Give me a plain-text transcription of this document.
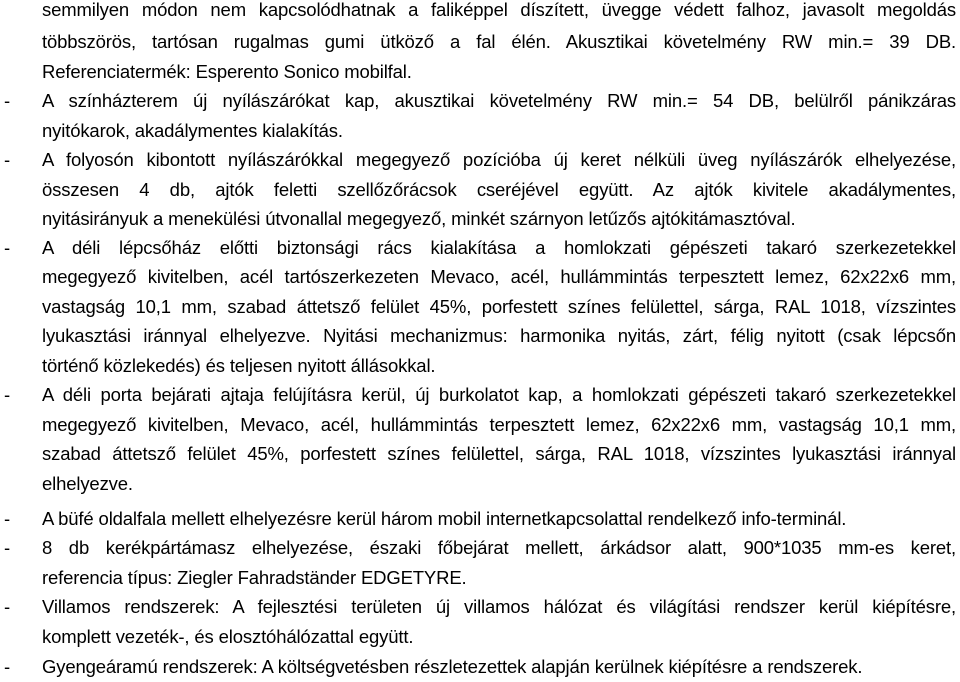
semmilyen módon nem kapcsolódhatnak a faliképpel díszített, üvegge védett falhoz, javasolt megoldás
többszörös, tartósan rugalmas gumi ütköző a fal élén. Akusztikai követelmény RW min.= 39 DB.
Referenciatermék: Esperento Sonico mobilfal.
-	A színházterem új nyílászárókat kap, akusztikai követelmény RW min.= 54 DB, belülről pánikzáras
nyitókarok, akadálymentes kialakítás.
-	A folyosón kibontott nyílászárókkal megegyező pozícióba új keret nélküli üveg nyílászárók elhelyezése,
összesen 4 db, ajtók feletti szellőzőrácsok cseréjével együtt. Az ajtók kivitele akadálymentes,
nyitásirányuk a menekülési útvonallal megegyező, minkét szárnyon letűzős ajtókitámasztóval.
-	A déli lépcsőház előtti biztonsági rács kialakítása a homlokzati gépészeti takaró szerkezetekkel
megegyező kivitelben, acél tartószerkezeten Mevaco, acél, hullámmintás terpesztett lemez, 62x22x6 mm,
vastagság 10,1 mm, szabad áttetsző felület 45%, porfestett színes felülettel, sárga, RAL 1018, vízszintes
lyukasztási iránnyal elhelyezve. Nyitási mechanizmus: harmonika nyitás, zárt, félig nyitott (csak lépcsőn
történő közlekedés) és teljesen nyitott állásokkal.
-	A déli porta bejárati ajtaja felújításra kerül, új burkolatot kap, a homlokzati gépészeti takaró szerkezetekkel
megegyező kivitelben, Mevaco, acél, hullámmintás terpesztett lemez, 62x22x6 mm, vastagság 10,1 mm,
szabad áttetsző felület 45%, porfestett színes felülettel, sárga, RAL 1018, vízszintes lyukasztási iránnyal
elhelyezve.
-	A büfé oldalfala mellett elhelyezésre kerül három mobil internetkapcsolattal rendelkező info-terminál.
-	8 db kerékpártámasz elhelyezése, északi főbejárat mellett, árkádsor alatt, 900*1035 mm-es keret,
referencia típus: Ziegler Fahradständer EDGETYRE.
-	Villamos rendszerek: A fejlesztési területen új villamos hálózat és világítási rendszer kerül kiépítésre,
komplett vezeték-, és elosztóhálózattal együtt.
-	Gyengeáramú rendszerek: A költségvetésben részletezettek alapján kerülnek kiépítésre a rendszerek.
